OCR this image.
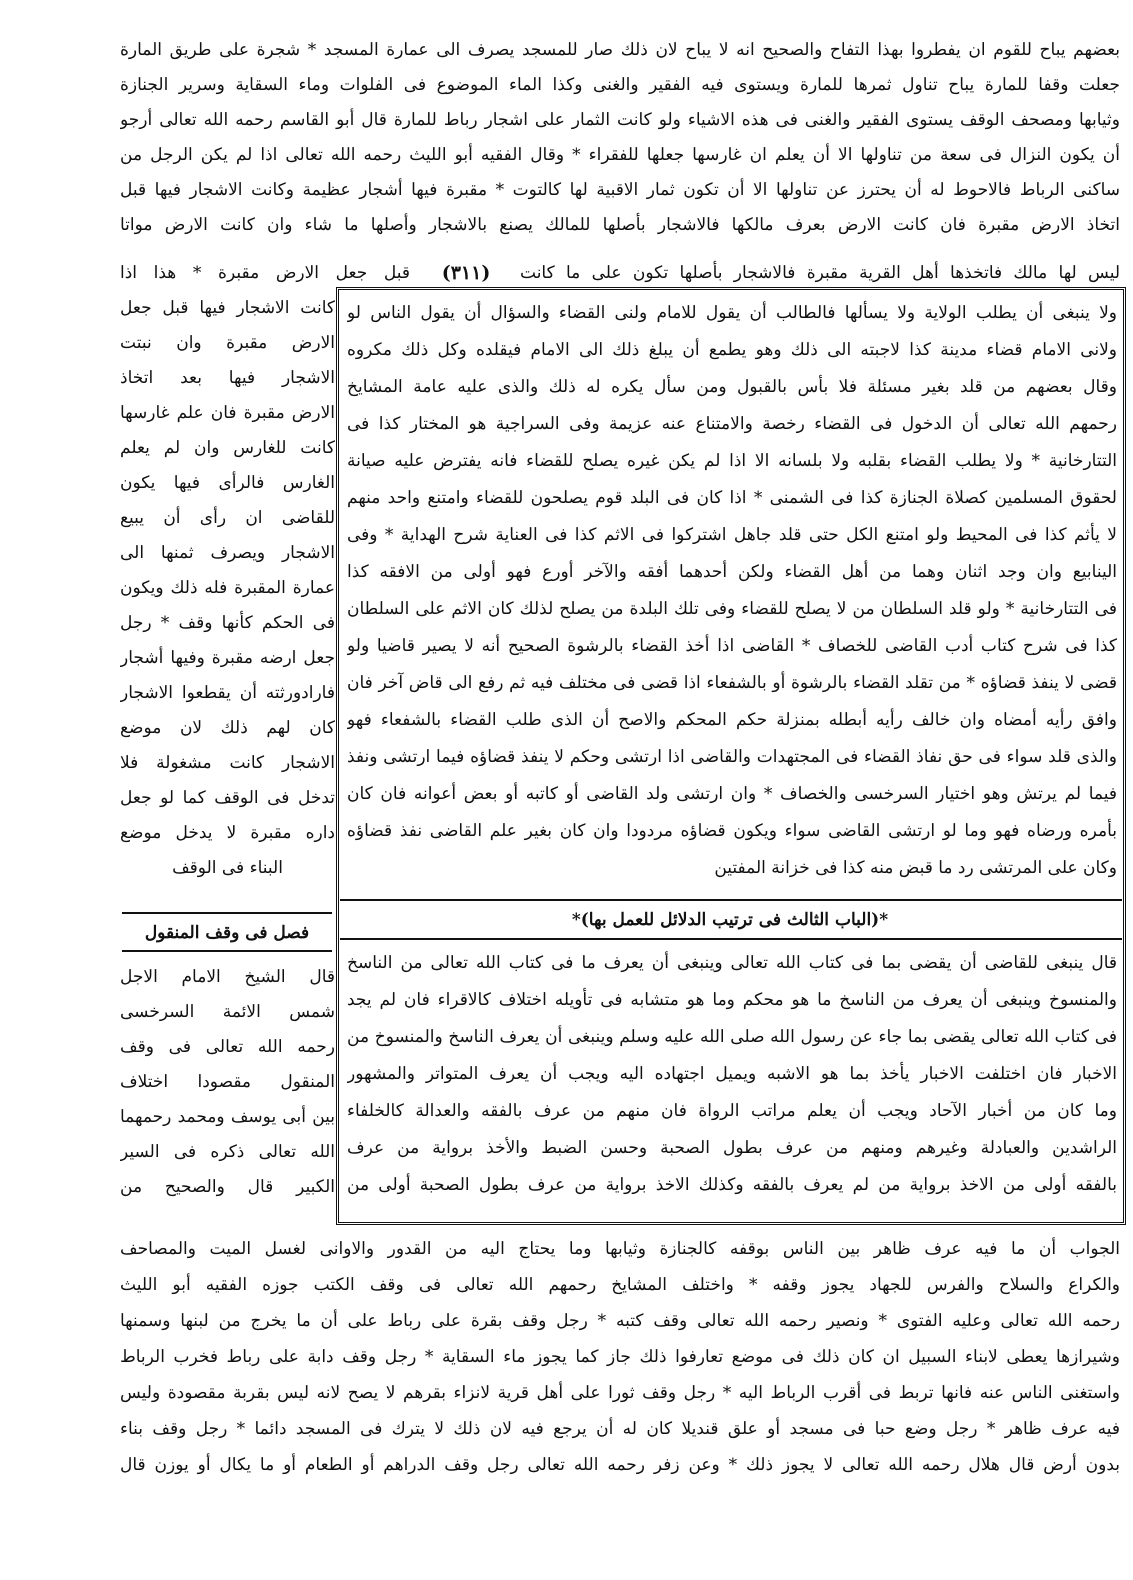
بعضهم يباح للقوم ان يفطروا بهذا التفاح والصحيح انه لا يباح لان ذلك صار للمسجد يصرف الى عمارة المسجد * شجرة على طريق المارة
جعلت وقفا للمارة يباح تناول ثمرها للمارة ويستوى فيه الفقير والغنى وكذا الماء الموضوع فى الفلوات وماء السقاية وسرير الجنازة
وثيابها ومصحف الوقف يستوى الفقير والغنى فى هذه الاشياء ولو كانت الثمار على اشجار رباط للمارة قال أبو القاسم رحمه الله تعالى أرجو
أن يكون النزال فى سعة من تناولها الا أن يعلم ان غارسها جعلها للفقراء * وقال الفقيه أبو الليث رحمه الله تعالى اذا لم يكن الرجل من
ساكنى الرباط فالاحوط له أن يحترز عن تناولها الا أن تكون ثمار الاقبية لها كالتوت * مقبرة فيها أشجار عظيمة وكانت الاشجار فيها قبل
اتخاذ الارض مقبرة فان كانت الارض بعرف مالكها فالاشجار بأصلها للمالك يصنع بالاشجار وأصلها ما شاء وان كانت الارض مواتا
ليس لها مالك فاتخذها أهل القرية مقبرة فالاشجار بأصلها تكون على ما كانت
(٣١١)
قبل جعل الارض مقبرة * هذا اذا
ولا ينبغى أن يطلب الولاية ولا يسألها فالطالب أن يقول للامام ولنى القضاء والسؤال أن يقول الناس لو
ولانى الامام قضاء مدينة كذا لاجبته الى ذلك وهو يطمع أن يبلغ ذلك الى الامام فيقلده وكل ذلك مكروه
وقال بعضهم من قلد بغير مسئلة فلا بأس بالقبول ومن سأل يكره له ذلك والذى عليه عامة المشايخ
رحمهم الله تعالى أن الدخول فى القضاء رخصة والامتناع عنه عزيمة وفى السراجية هو المختار كذا فى
التتارخانية * ولا يطلب القضاء بقلبه ولا بلسانه الا اذا لم يكن غيره يصلح للقضاء فانه يفترض عليه صيانة
لحقوق المسلمين كصلاة الجنازة كذا فى الشمنى * اذا كان فى البلد قوم يصلحون للقضاء وامتنع واحد منهم
لا يأثم كذا فى المحيط ولو امتنع الكل حتى قلد جاهل اشتركوا فى الاثم كذا فى العناية شرح الهداية * وفى
الينابيع وان وجد اثنان وهما من أهل القضاء ولكن أحدهما أفقه والآخر أورع فهو أولى من الافقه كذا
فى التتارخانية * ولو قلد السلطان من لا يصلح للقضاء وفى تلك البلدة من يصلح لذلك كان الاثم على السلطان
كذا فى شرح كتاب أدب القاضى للخصاف * القاضى اذا أخذ القضاء بالرشوة الصحيح أنه لا يصير قاضيا ولو
قضى لا ينفذ قضاؤه * من تقلد القضاء بالرشوة أو بالشفعاء اذا قضى فى مختلف فيه ثم رفع الى قاض آخر فان
وافق رأيه أمضاه وان خالف رأيه أبطله بمنزلة حكم المحكم والاصح أن الذى طلب القضاء بالشفعاء فهو
والذى قلد سواء فى حق نفاذ القضاء فى المجتهدات والقاضى اذا ارتشى وحكم لا ينفذ قضاؤه فيما ارتشى ونفذ
فيما لم يرتش وهو اختيار السرخسى والخصاف * وان ارتشى ولد القاضى أو كاتبه أو بعض أعوانه فان كان
بأمره ورضاه فهو وما لو ارتشى القاضى سواء ويكون قضاؤه مردودا وان كان بغير علم القاضى نفذ قضاؤه
وكان على المرتشى رد ما قبض منه كذا فى خزانة المفتين
*(الباب الثالث فى ترتيب الدلائل للعمل بها)*
قال ينبغى للقاضى أن يقضى بما فى كتاب الله تعالى وينبغى أن يعرف ما فى كتاب الله تعالى من الناسخ
والمنسوخ وينبغى أن يعرف من الناسخ ما هو محكم وما هو متشابه فى تأويله اختلاف كالاقراء فان لم يجد
فى كتاب الله تعالى يقضى بما جاء عن رسول الله صلى الله عليه وسلم وينبغى أن يعرف الناسخ والمنسوخ من
الاخبار فان اختلفت الاخبار يأخذ بما هو الاشبه ويميل اجتهاده اليه ويجب أن يعرف المتواتر والمشهور
وما كان من أخبار الآحاد ويجب أن يعلم مراتب الرواة فان منهم من عرف بالفقه والعدالة كالخلفاء
الراشدين والعبادلة وغيرهم ومنهم من عرف بطول الصحبة وحسن الضبط والأخذ برواية من عرف
بالفقه أولى من الاخذ برواية من لم يعرف بالفقه وكذلك الاخذ برواية من عرف بطول الصحبة أولى من
كانت الاشجار فيها قبل جعل
الارض مقبرة وان نبتت
الاشجار فيها بعد اتخاذ
الارض مقبرة فان علم غارسها
كانت للغارس وان لم يعلم
الغارس فالرأى فيها يكون
للقاضى ان رأى أن يبيع
الاشجار ويصرف ثمنها الى
عمارة المقبرة فله ذلك ويكون
فى الحكم كأنها وقف * رجل
جعل ارضه مقبرة وفيها أشجار
فارادورثته أن يقطعوا الاشجار
كان لهم ذلك لان موضع
الاشجار كانت مشغولة فلا
تدخل فى الوقف كما لو جعل
داره مقبرة لا يدخل موضع
البناء فى الوقف
فصل فى وقف المنقول
قال الشيخ الامام الاجل
شمس الائمة السرخسى
رحمه الله تعالى فى وقف
المنقول مقصودا اختلاف
بين أبى يوسف ومحمد رحمهما
الله تعالى ذكره فى السير
الكبير قال والصحيح من
الجواب أن ما فيه عرف ظاهر بين الناس بوقفه كالجنازة وثيابها وما يحتاج اليه من القدور والاوانى لغسل الميت والمصاحف
والكراع والسلاح والفرس للجهاد يجوز وقفه * واختلف المشايخ رحمهم الله تعالى فى وقف الكتب جوزه الفقيه أبو الليث
رحمه الله تعالى وعليه الفتوى * ونصير رحمه الله تعالى وقف كتبه * رجل وقف بقرة على رباط على أن ما يخرج من لبنها وسمنها
وشيرازها يعطى لابناء السبيل ان كان ذلك فى موضع تعارفوا ذلك جاز كما يجوز ماء السقاية * رجل وقف دابة على رباط فخرب الرباط
واستغنى الناس عنه فانها تربط فى أقرب الرباط اليه * رجل وقف ثورا على أهل قرية لانزاء بقرهم لا يصح لانه ليس بقربة مقصودة وليس
فيه عرف ظاهر * رجل وضع حبا فى مسجد أو علق قنديلا كان له أن يرجع فيه لان ذلك لا يترك فى المسجد دائما * رجل وقف بناء
بدون أرض قال هلال رحمه الله تعالى لا يجوز ذلك * وعن زفر رحمه الله تعالى رجل وقف الدراهم أو الطعام أو ما يكال أو يوزن قال
